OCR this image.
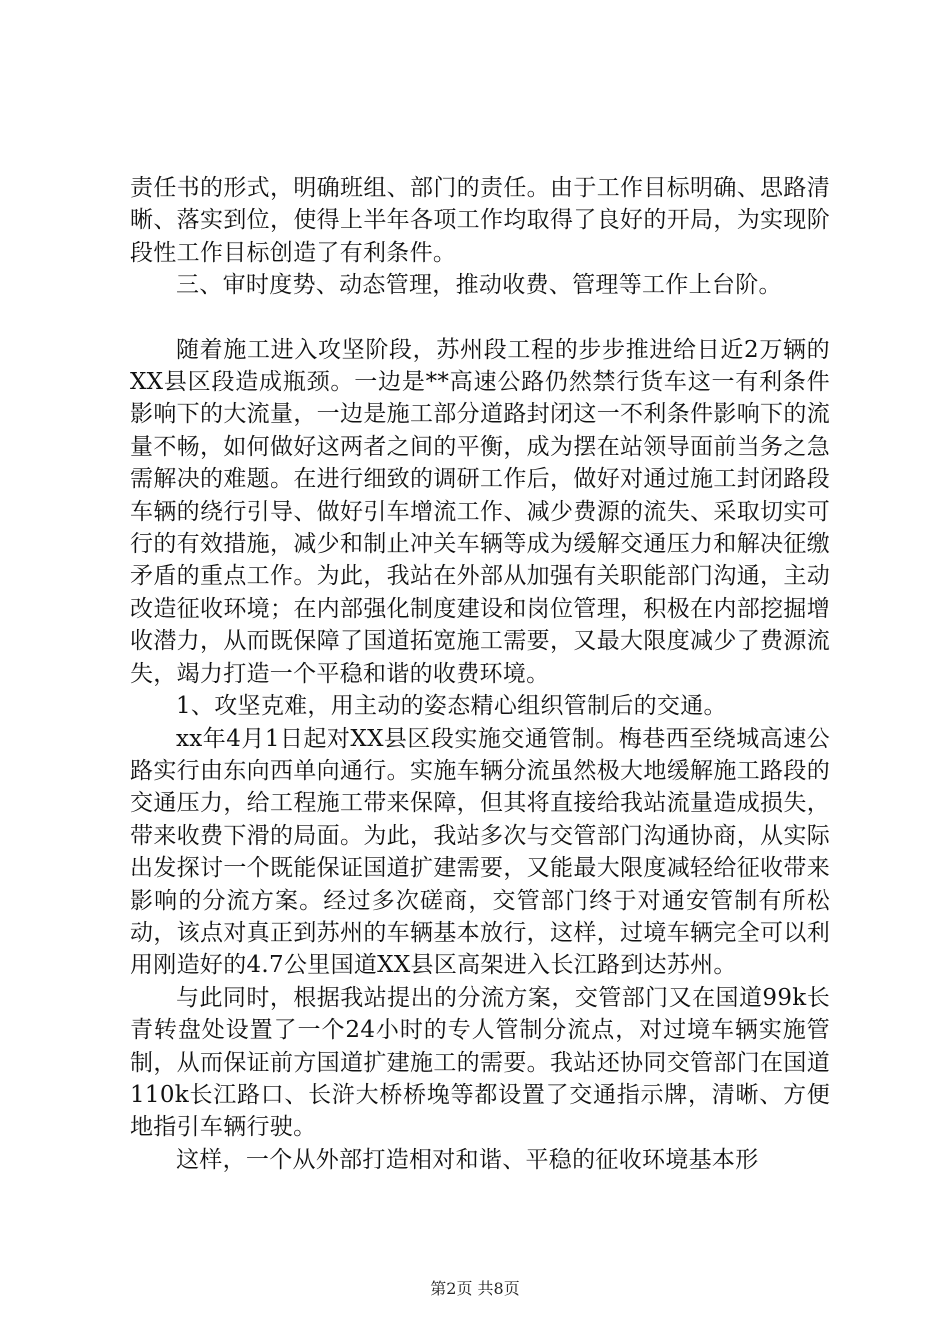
责任书的形式，明确班组、部门的责任。由于工作目标明确、思路清晰、落实到位，使得上半年各项工作均取得了良好的开局，为实现阶段性工作目标创造了有利条件。

三、审时度势、动态管理，推动收费、管理等工作上台阶。

随着施工进入攻坚阶段，苏州段工程的步步推进给日近2万辆的XX县区段造成瓶颈。一边是**高速公路仍然禁行货车这一有利条件影响下的大流量，一边是施工部分道路封闭这一不利条件影响下的流量不畅，如何做好这两者之间的平衡，成为摆在站领导面前当务之急需解决的难题。在进行细致的调研工作后，做好对通过施工封闭路段车辆的绕行引导、做好引车增流工作、减少费源的流失、采取切实可行的有效措施，减少和制止冲关车辆等成为缓解交通压力和解决征缴矛盾的重点工作。为此，我站在外部从加强有关职能部门沟通，主动改造征收环境；在内部强化制度建设和岗位管理，积极在内部挖掘增收潜力，从而既保障了国道拓宽施工需要，又最大限度减少了费源流失，竭力打造一个平稳和谐的收费环境。

1、攻坚克难，用主动的姿态精心组织管制后的交通。

xx年4月1日起对XX县区段实施交通管制。梅巷西至绕城高速公路实行由东向西单向通行。实施车辆分流虽然极大地缓解施工路段的交通压力，给工程施工带来保障，但其将直接给我站流量造成损失，带来收费下滑的局面。为此，我站多次与交管部门沟通协商，从实际出发探讨一个既能保证国道扩建需要，又能最大限度减轻给征收带来影响的分流方案。经过多次磋商，交管部门终于对通安管制有所松动，该点对真正到苏州的车辆基本放行，这样，过境车辆完全可以利用刚造好的4.7公里国道XX县区高架进入长江路到达苏州。

与此同时，根据我站提出的分流方案，交管部门又在国道99k长青转盘处设置了一个24小时的专人管制分流点，对过境车辆实施管制，从而保证前方国道扩建施工的需要。我站还协同交管部门在国道110k长江路口、长浒大桥桥堍等都设置了交通指示牌，清晰、方便地指引车辆行驶。

这样，一个从外部打造相对和谐、平稳的征收环境基本形

第2页 共8页
